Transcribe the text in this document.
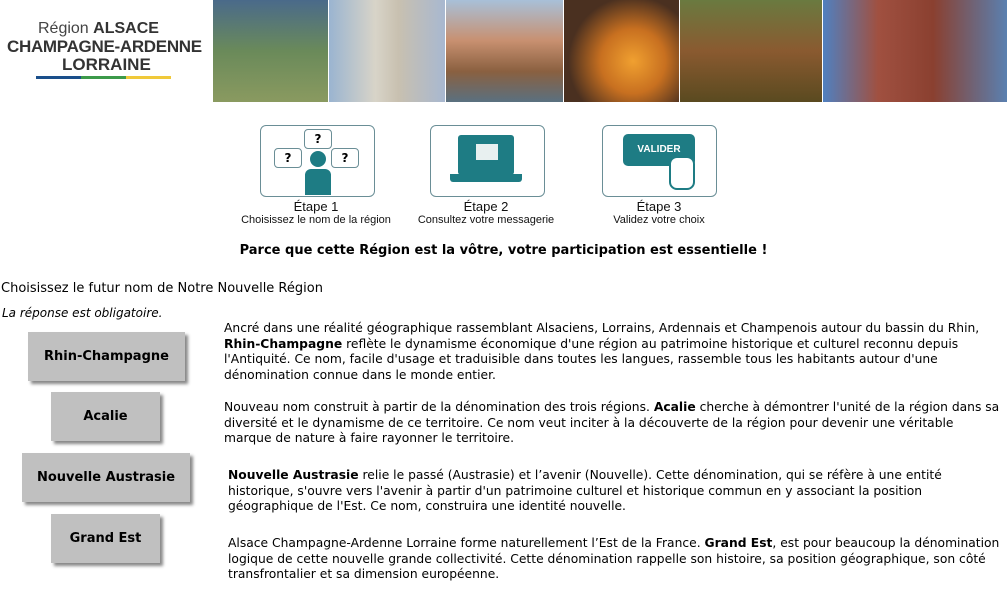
Région ALSACE
CHAMPAGNE-ARDENNE
LORRAINE
?
?	?
VALIDER
Étape 1
Choisissez le nom de la région
Étape 2
Consultez votre messagerie
Étape 3
Validez votre choix
Parce que cette Région est la vôtre, votre participation est essentielle !
Choisissez le futur nom de Notre Nouvelle Région
La réponse est obligatoire.
Rhin-Champagne
Acalie
Nouvelle Austrasie
Grand Est
Ancré dans une réalité géographique rassemblant Alsaciens, Lorrains, Ardennais et Champenois autour du bassin du Rhin, Rhin-Champagne reflète le dynamisme économique d'une région au patrimoine historique et culturel reconnu depuis l'Antiquité. Ce nom, facile d'usage et traduisible dans toutes les langues, rassemble tous les habitants autour d'une dénomination connue dans le monde entier.
Nouveau nom construit à partir de la dénomination des trois régions. Acalie cherche à démontrer l'unité de la région dans sa diversité et le dynamisme de ce territoire. Ce nom veut inciter à la découverte de la région pour devenir une véritable marque de nature à faire rayonner le territoire.
Nouvelle Austrasie relie le passé (Austrasie) et l’avenir (Nouvelle). Cette dénomination, qui se réfère à une entité historique, s'ouvre vers l'avenir à partir d'un patrimoine culturel et historique commun en y associant la position géographique de l'Est. Ce nom, construira une identité nouvelle.
Alsace Champagne-Ardenne Lorraine forme naturellement l’Est de la France. Grand Est, est pour beaucoup la dénomination logique de cette nouvelle grande collectivité. Cette dénomination rappelle son histoire, sa position géographique, son côté transfrontalier et sa dimension européenne.
